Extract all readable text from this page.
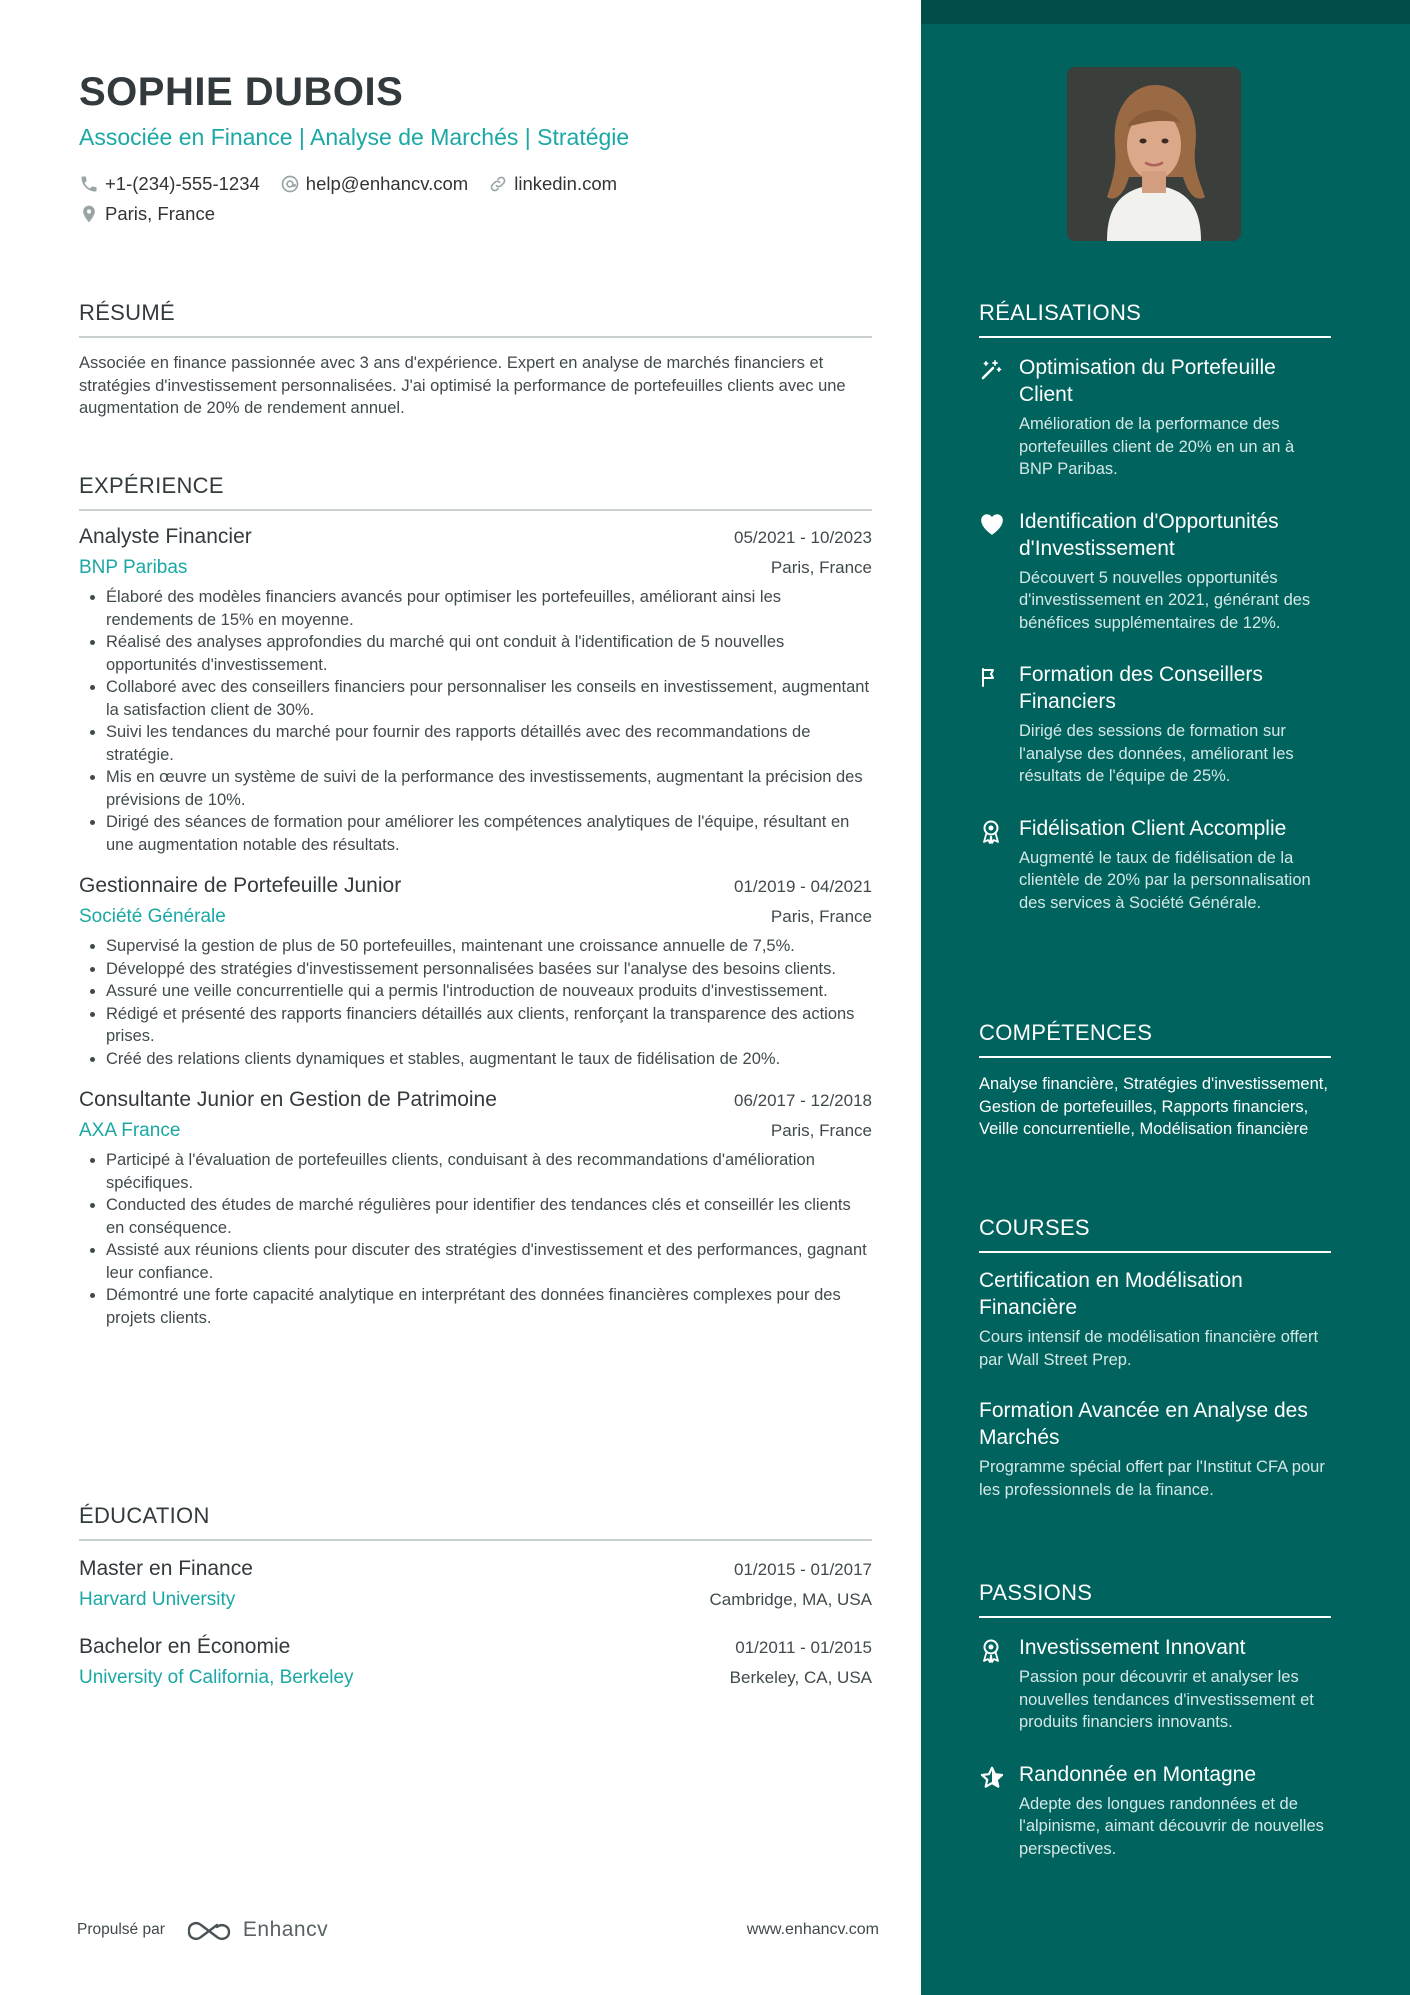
SOPHIE DUBOIS
Associée en Finance | Analyse de Marchés | Stratégie
+1-(234)-555-1234 help@enhancv.com linkedin.com
Paris, France
RÉSUMÉ
Associée en finance passionnée avec 3 ans d'expérience. Expert en analyse de marchés financiers et stratégies d'investissement personnalisées. J'ai optimisé la performance de portefeuilles clients avec une augmentation de 20% de rendement annuel.
EXPÉRIENCE
Analyste Financier	05/2021 - 10/2023
BNP Paribas	Paris, France
• Élaboré des modèles financiers avancés pour optimiser les portefeuilles, améliorant ainsi les rendements de 15% en moyenne.
• Réalisé des analyses approfondies du marché qui ont conduit à l'identification de 5 nouvelles opportunités d'investissement.
• Collaboré avec des conseillers financiers pour personnaliser les conseils en investissement, augmentant la satisfaction client de 30%.
• Suivi les tendances du marché pour fournir des rapports détaillés avec des recommandations de stratégie.
• Mis en œuvre un système de suivi de la performance des investissements, augmentant la précision des prévisions de 10%.
• Dirigé des séances de formation pour améliorer les compétences analytiques de l'équipe, résultant en une augmentation notable des résultats.
Gestionnaire de Portefeuille Junior	01/2019 - 04/2021
Société Générale	Paris, France
• Supervisé la gestion de plus de 50 portefeuilles, maintenant une croissance annuelle de 7,5%.
• Développé des stratégies d'investissement personnalisées basées sur l'analyse des besoins clients.
• Assuré une veille concurrentielle qui a permis l'introduction de nouveaux produits d'investissement.
• Rédigé et présenté des rapports financiers détaillés aux clients, renforçant la transparence des actions prises.
• Créé des relations clients dynamiques et stables, augmentant le taux de fidélisation de 20%.
Consultante Junior en Gestion de Patrimoine	06/2017 - 12/2018
AXA France	Paris, France
• Participé à l'évaluation de portefeuilles clients, conduisant à des recommandations d'amélioration spécifiques.
• Conducted des études de marché régulières pour identifier des tendances clés et conseillér les clients en conséquence.
• Assisté aux réunions clients pour discuter des stratégies d'investissement et des performances, gagnant leur confiance.
• Démontré une forte capacité analytique en interprétant des données financières complexes pour des projets clients.
ÉDUCATION
Master en Finance	01/2015 - 01/2017
Harvard University	Cambridge, MA, USA
Bachelor en Économie	01/2011 - 01/2015
University of California, Berkeley	Berkeley, CA, USA
Propulsé par	Enhancv	www.enhancv.com
RÉALISATIONS
Optimisation du Portefeuille Client
Amélioration de la performance des portefeuilles client de 20% en un an à BNP Paribas.
Identification d'Opportunités d'Investissement
Découvert 5 nouvelles opportunités d'investissement en 2021, générant des bénéfices supplémentaires de 12%.
Formation des Conseillers Financiers
Dirigé des sessions de formation sur l'analyse des données, améliorant les résultats de l'équipe de 25%.
Fidélisation Client Accomplie
Augmenté le taux de fidélisation de la clientèle de 20% par la personnalisation des services à Société Générale.
COMPÉTENCES
Analyse financière, Stratégies d'investissement, Gestion de portefeuilles, Rapports financiers, Veille concurrentielle, Modélisation financière
COURSES
Certification en Modélisation Financière
Cours intensif de modélisation financière offert par Wall Street Prep.
Formation Avancée en Analyse des Marchés
Programme spécial offert par l'Institut CFA pour les professionnels de la finance.
PASSIONS
Investissement Innovant
Passion pour découvrir et analyser les nouvelles tendances d'investissement et produits financiers innovants.
Randonnée en Montagne
Adepte des longues randonnées et de l'alpinisme, aimant découvrir de nouvelles perspectives.
